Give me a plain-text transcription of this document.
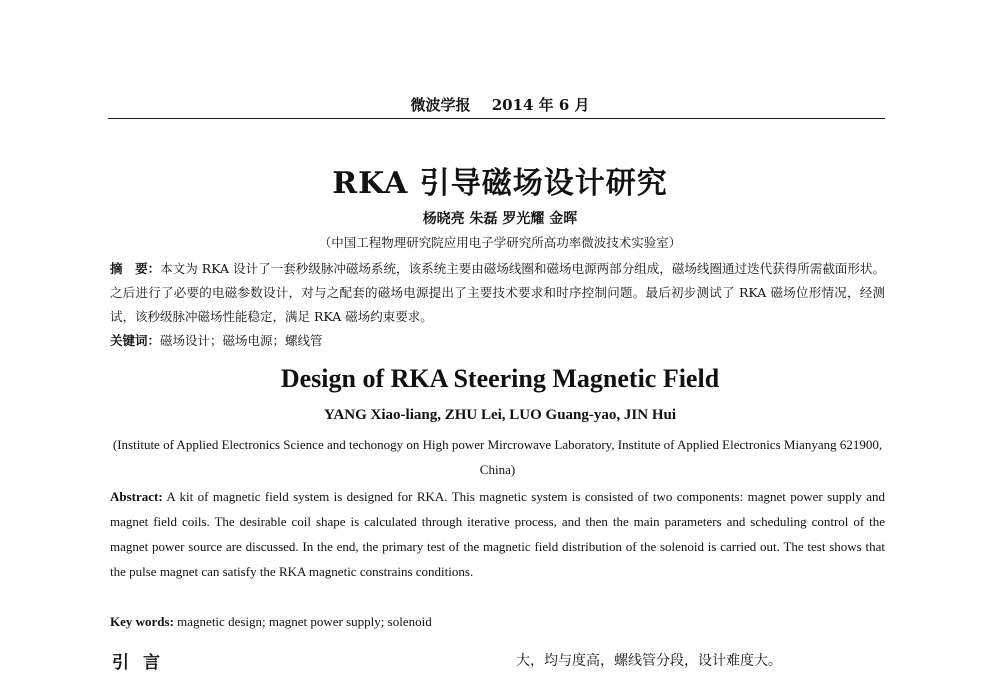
微波学报 2014 年 6 月
RKA 引导磁场设计研究
杨晓亮 朱磊 罗光耀 金晖
（中国工程物理研究院应用电子学研究所高功率微波技术实验室）
摘　要：本文为 RKA 设计了一套秒级脉冲磁场系统，该系统主要由磁场线圈和磁场电源两部分组成，磁场线圈通过迭代获得所需截面形状。之后进行了必要的电磁参数设计，对与之配套的磁场电源提出了主要技术要求和时序控制问题。最后初步测试了 RKA 磁场位形情况，经测试，该秒级脉冲磁场性能稳定，满足 RKA 磁场约束要求。
关键词：磁场设计；磁场电源；螺线管
Design of RKA Steering Magnetic Field
YANG Xiao-liang, ZHU Lei, LUO Guang-yao, JIN Hui
(Institute of Applied Electronics Science and techonogy on High power Mircrowave Laboratory, Institute of Applied Electronics Mianyang 621900, China)
Abstract: A kit of magnetic field system is designed for RKA. This magnetic system is consisted of two components: magnet power supply and magnet field coils. The desirable coil shape is calculated through iterative process, and then the main parameters and scheduling control of the magnet power source are discussed. In the end, the primary test of the magnetic field distribution of the solenoid is carried out. The test shows that the pulse magnet can satisfy the RKA magnetic constrains conditions.
Key words: magnetic design; magnet power supply; solenoid
引言	大，均与度高，螺线管分段，设计难度大。
